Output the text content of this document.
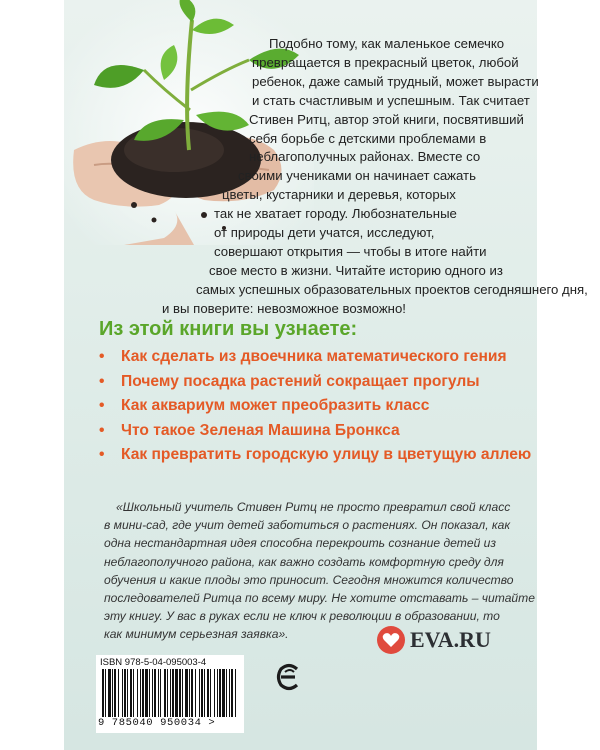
Подобно тому, как маленькое семечко
превращается в прекрасный цветок, любой
ребенок, даже самый трудный, может вырасти
и стать счастливым и успешным. Так считает
Стивен Ритц, автор этой книги, посвятивший
себя борьбе с детскими проблемами в
неблагополучных районах. Вместе со
своими учениками он начинает сажать
цветы, кустарники и деревья, которых
так не хватает городу. Любознательные
от природы дети учатся, исследуют,
совершают открытия — чтобы в итоге найти
свое место в жизни. Читайте историю одного из
самых успешных образовательных проектов сегодняшнего дня,
и вы поверите: невозможное возможно!
Из этой книги вы узнаете:
• Как сделать из двоечника математического гения
• Почему посадка растений сокращает прогулы
• Как аквариум может преобразить класс
• Что такое Зеленая Машина Бронкса
• Как превратить городскую улицу в цветущую аллею
«Школьный учитель Стивен Ритц не просто превратил свой класс
в мини-сад, где учит детей заботиться о растениях. Он показал, как
одна нестандартная идея способна перекроить сознание детей из
неблагополучного района, как важно создать комфортную среду для
обучения и какие плоды это приносит. Сегодня множится количество
последователей Ритца по всему миру. Не хотите отставать – читайте
эту книгу. У вас в руках если не ключ к революции в образовании, то
как минимум серьезная заявка».	EVA.RU
ISBN 978-5-04-095003-4
9 785040 950034 >
